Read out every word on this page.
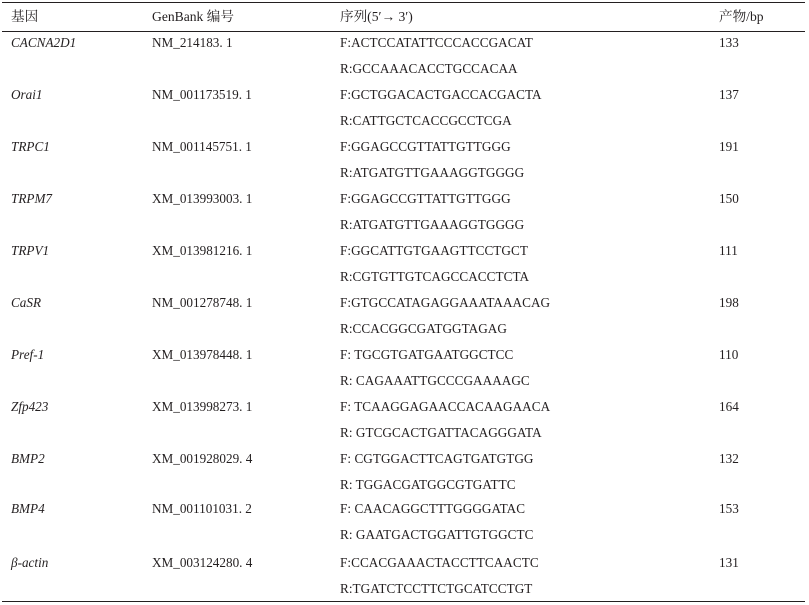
基因	GenBank 编号	序列(5′→ 3′)	产物/bp
CACNA2D1	NM_214183. 1	F:ACTCCATATTCCCACCGACAT	133
R:GCCAAACACCTGCCACAA
Orai1	NM_001173519. 1	F:GCTGGACACTGACCACGACTA	137
R:CATTGCTCACCGCCTCGA
TRPC1	NM_001145751. 1	F:GGAGCCGTTATTGTTGGG	191
R:ATGATGTTGAAAGGTGGGG
TRPM7	XM_013993003. 1	F:GGAGCCGTTATTGTTGGG	150
R:ATGATGTTGAAAGGTGGGG
TRPV1	XM_013981216. 1	F:GGCATTGTGAAGTTCCTGCT	111
R:CGTGTTGTCAGCCACCTCTA
CaSR	NM_001278748. 1	F:GTGCCATAGAGGAAATAAACAG	198
R:CCACGGCGATGGTAGAG
Pref-1	XM_013978448. 1	F: TGCGTGATGAATGGCTCC	110
R: CAGAAATTGCCCGAAAAGC
Zfp423	XM_013998273. 1	F: TCAAGGAGAACCACAAGAACA	164
R: GTCGCACTGATTACAGGGATA
BMP2	XM_001928029. 4	F: CGTGGACTTCAGTGATGTGG	132
R: TGGACGATGGCGTGATTC
BMP4	NM_001101031. 2	F: CAACAGGCTTTGGGGATAC	153
R: GAATGACTGGATTGTGGCTC
β-actin	XM_003124280. 4	F:CCACGAAACTACCTTCAACTC	131
R:TGATCTCCTTCTGCATCCTGT
